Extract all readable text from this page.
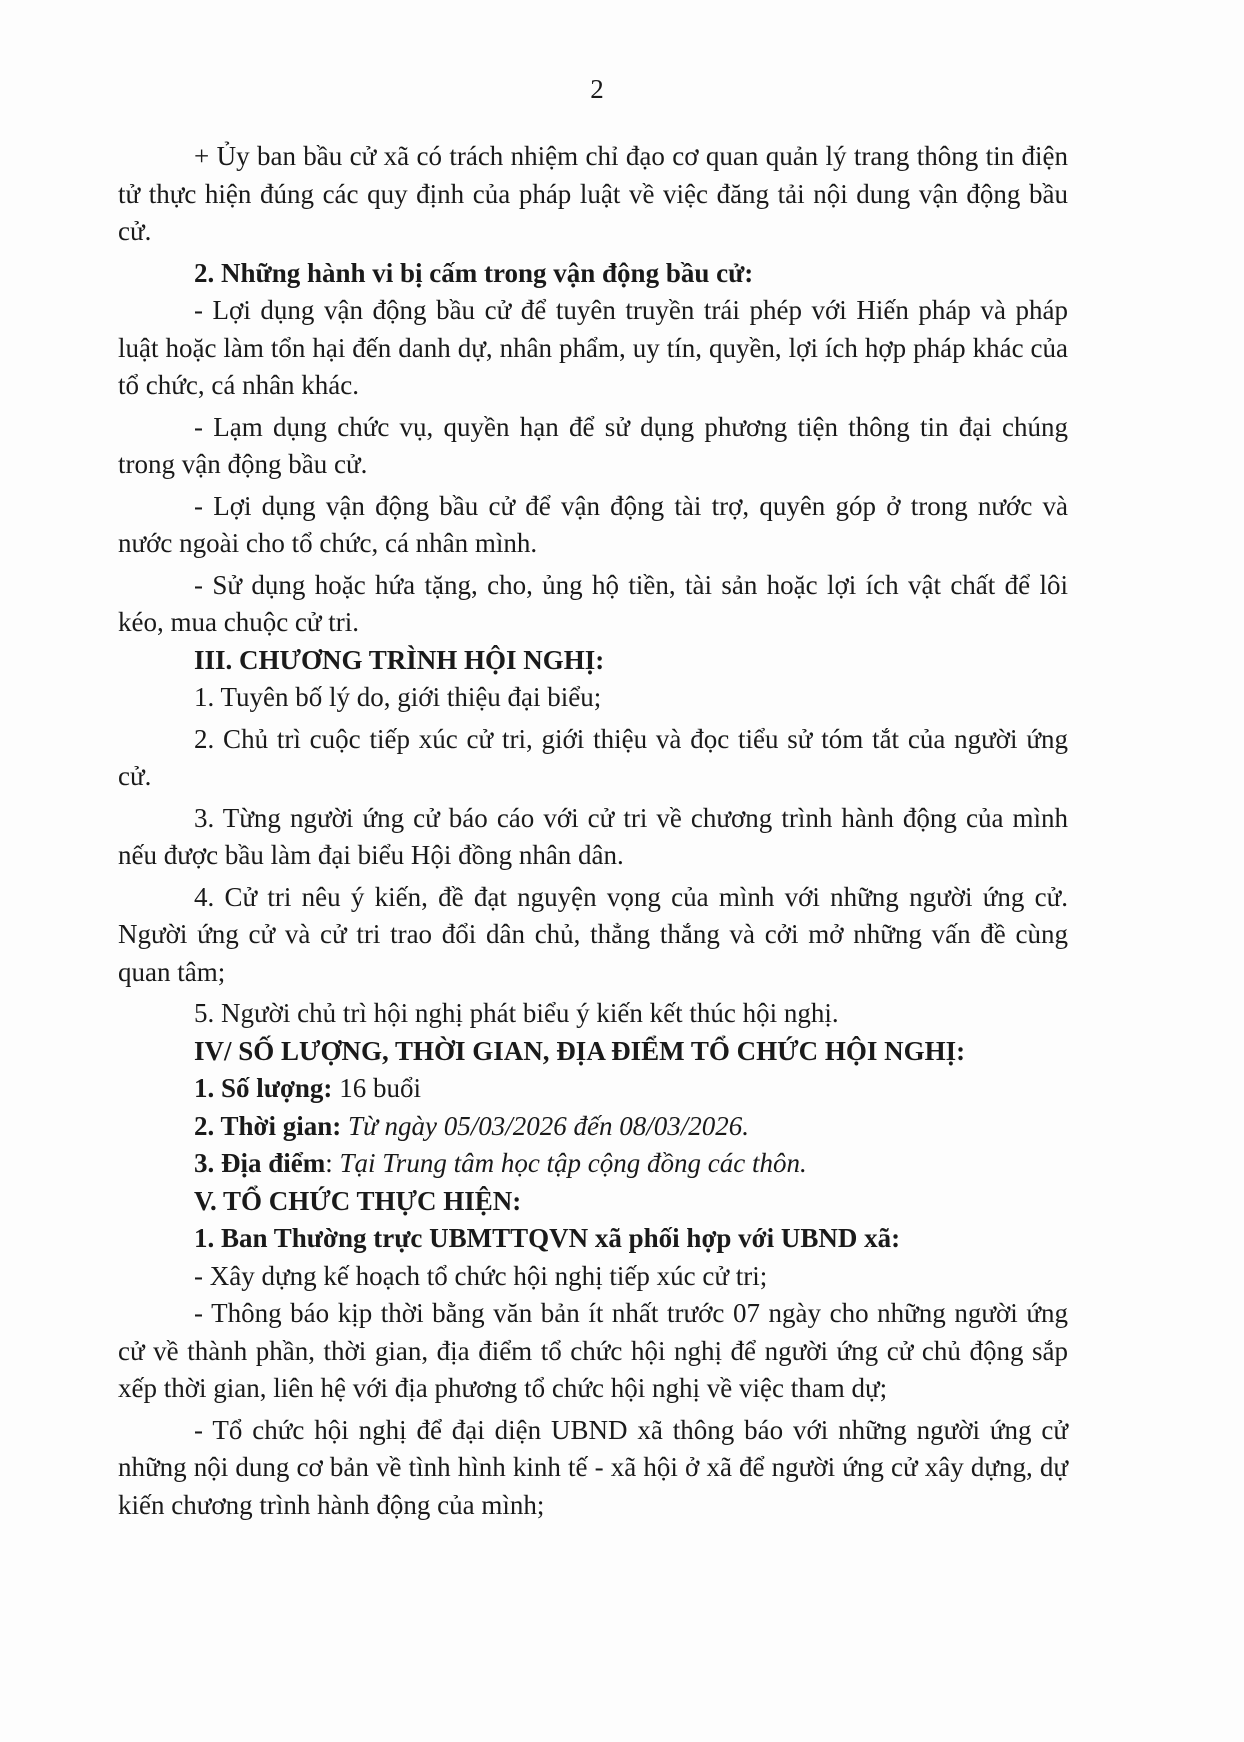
2

+ Ủy ban bầu cử xã có trách nhiệm chỉ đạo cơ quan quản lý trang thông tin điện tử thực hiện đúng các quy định của pháp luật về việc đăng tải nội dung vận động bầu cử.

2. Những hành vi bị cấm trong vận động bầu cử:

- Lợi dụng vận động bầu cử để tuyên truyền trái phép với Hiến pháp và pháp luật hoặc làm tổn hại đến danh dự, nhân phẩm, uy tín, quyền, lợi ích hợp pháp khác của tổ chức, cá nhân khác.

- Lạm dụng chức vụ, quyền hạn để sử dụng phương tiện thông tin đại chúng trong vận động bầu cử.

- Lợi dụng vận động bầu cử để vận động tài trợ, quyên góp ở trong nước và nước ngoài cho tổ chức, cá nhân mình.

- Sử dụng hoặc hứa tặng, cho, ủng hộ tiền, tài sản hoặc lợi ích vật chất để lôi kéo, mua chuộc cử tri.

III. CHƯƠNG TRÌNH HỘI NGHỊ:

1. Tuyên bố lý do, giới thiệu đại biểu;

2. Chủ trì cuộc tiếp xúc cử tri, giới thiệu và đọc tiểu sử tóm tắt của người ứng cử.

3. Từng người ứng cử báo cáo với cử tri về chương trình hành động của mình nếu được bầu làm đại biểu Hội đồng nhân dân.

4. Cử tri nêu ý kiến, đề đạt nguyện vọng của mình với những người ứng cử. Người ứng cử và cử tri trao đổi dân chủ, thẳng thắng và cởi mở những vấn đề cùng quan tâm;

5. Người chủ trì hội nghị phát biểu ý kiến kết thúc hội nghị.

IV/ SỐ LƯỢNG, THỜI GIAN, ĐỊA ĐIỂM TỔ CHỨC HỘI NGHỊ:

1. Số lượng: 16 buổi

2. Thời gian: Từ ngày 05/03/2026 đến 08/03/2026.

3. Địa điểm: Tại Trung tâm học tập cộng đồng các thôn.

V. TỔ CHỨC THỰC HIỆN:

1. Ban Thường trực UBMTTQVN xã phối hợp với UBND xã:

- Xây dựng kế hoạch tổ chức hội nghị tiếp xúc cử tri;

- Thông báo kịp thời bằng văn bản ít nhất trước 07 ngày cho những người ứng cử về thành phần, thời gian, địa điểm tổ chức hội nghị để người ứng cử chủ động sắp xếp thời gian, liên hệ với địa phương tổ chức hội nghị về việc tham dự;

- Tổ chức hội nghị để đại diện UBND xã thông báo với những người ứng cử những nội dung cơ bản về tình hình kinh tế - xã hội ở xã để người ứng cử xây dựng, dự kiến chương trình hành động của mình;
